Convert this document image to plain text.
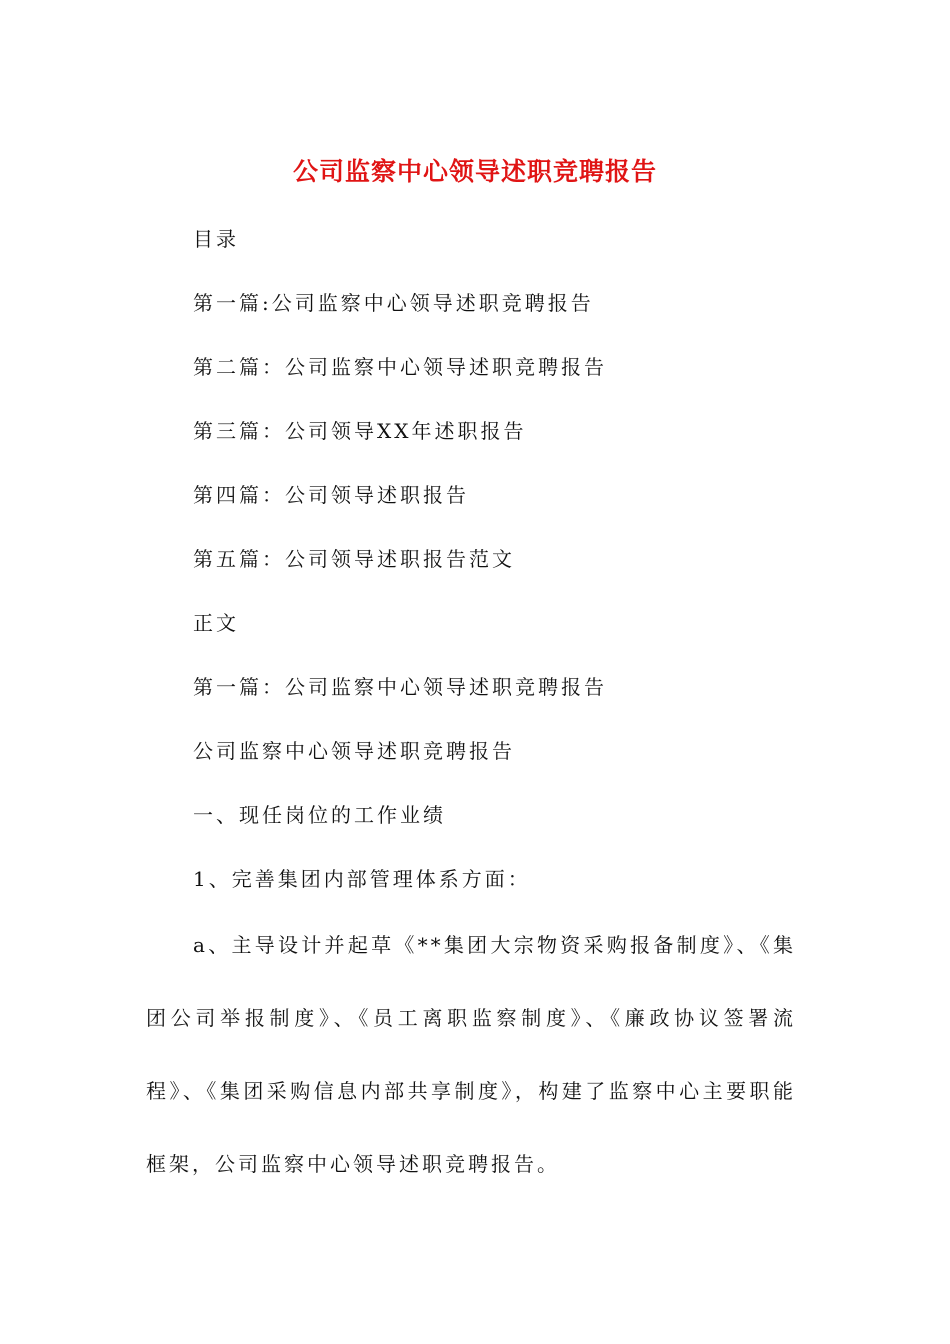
公司监察中心领导述职竞聘报告
目录
第一篇:公司监察中心领导述职竞聘报告
第二篇：公司监察中心领导述职竞聘报告
第三篇：公司领导XX年述职报告
第四篇：公司领导述职报告
第五篇：公司领导述职报告范文
正文
第一篇：公司监察中心领导述职竞聘报告
公司监察中心领导述职竞聘报告
一、现任岗位的工作业绩
1、完善集团内部管理体系方面：
a、主导设计并起草《**集团大宗物资采购报备制度》、《集团公司举报制度》、《员工离职监察制度》、《廉政协议签署流程》、《集团采购信息内部共享制度》，构建了监察中心主要职能框架，公司监察中心领导述职竞聘报告。
